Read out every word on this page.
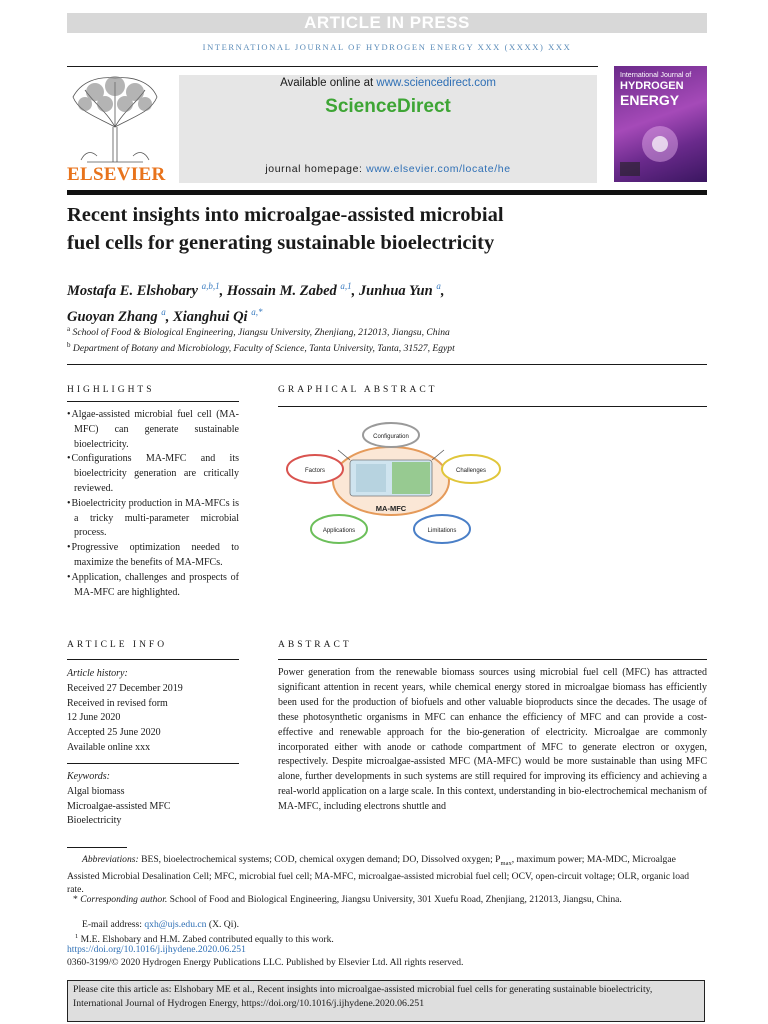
ARTICLE IN PRESS
INTERNATIONAL JOURNAL OF HYDROGEN ENERGY XXX (XXXX) XXX
ELSEVIER
Available online at www.sciencedirect.com
ScienceDirect
journal homepage: www.elsevier.com/locate/he
International Journal of
HYDROGEN
ENERGY
Recent insights into microalgae-assisted microbial
fuel cells for generating sustainable bioelectricity
Mostafa E. Elshobary $^{a,b,1}$, Hossain M. Zabed $^{a,1}$, Junhua Yun $^a$,
Guoyan Zhang $^a$, Xianghui Qi $^{a,*}$
$^a$ School of Food & Biological Engineering, Jiangsu University, Zhenjiang, 212013, Jiangsu, China
$^b$ Department of Botany and Microbiology, Faculty of Science, Tanta University, Tanta, 31527, Egypt
HIGHLIGHTS
• Algae-assisted microbial fuel cell (MA-MFC) can generate sustainable bioelectricity.
• Configurations MA-MFC and its bioelectricity generation are critically reviewed.
• Bioelectricity production in MA-MFCs is a tricky multi-parameter microbial process.
• Progressive optimization needed to maximize the benefits of MA-MFCs.
• Application, challenges and prospects of MA-MFC are highlighted.
GRAPHICAL ABSTRACT
MA-MFC
Configuration
Factors	Challenges
Applications	Limitations
ARTICLE INFO
Article history:
Received 27 December 2019
Received in revised form
12 June 2020
Accepted 25 June 2020
Available online xxx
Keywords:
Algal biomass
Microalgae-assisted MFC
Bioelectricity
ABSTRACT
Power generation from the renewable biomass sources using microbial fuel cell (MFC) has attracted significant attention in recent years, while chemical energy stored in microalgae biomass has efficiently been used for the production of biofuels and other valuable bioproducts since the decades. The usage of these photosynthetic organisms in MFC can enhance the efficiency of MFC and can provide a cost-effective and renewable approach for the bio-generation of electricity. Microalgae are commonly incorporated either with anode or cathode compartment of MFC to generate electron or oxygen, respectively. Despite microalgae-assisted MFC (MA-MFC) would be more sustainable than using MFC alone, further developments in such systems are still required for improving its efficiency and achieving a real-world application on a large scale. In this context, understanding in bio-electrochemical mechanism of MA-MFC, including electrons shuttle and
Abbreviations: BES, bioelectrochemical systems; COD, chemical oxygen demand; DO, Dissolved oxygen; $P_{max}$, maximum power; MA-MDC, Microalgae Assisted Microbial Desalination Cell; MFC, microbial fuel cell; MA-MFC, microalgae-assisted microbial fuel cell; OCV, open-circuit voltage; OLR, organic load rate.
* Corresponding author. School of Food and Biological Engineering, Jiangsu University, 301 Xuefu Road, Zhenjiang, 212013, Jiangsu, China.
E-mail address: qxh@ujs.edu.cn (X. Qi).
$^1$ M.E. Elshobary and H.M. Zabed contributed equally to this work.
https://doi.org/10.1016/j.ijhydene.2020.06.251
0360-3199/© 2020 Hydrogen Energy Publications LLC. Published by Elsevier Ltd. All rights reserved.
Please cite this article as: Elshobary ME et al., Recent insights into microalgae-assisted microbial fuel cells for generating sustainable bioelectricity, International Journal of Hydrogen Energy, https://doi.org/10.1016/j.ijhydene.2020.06.251
